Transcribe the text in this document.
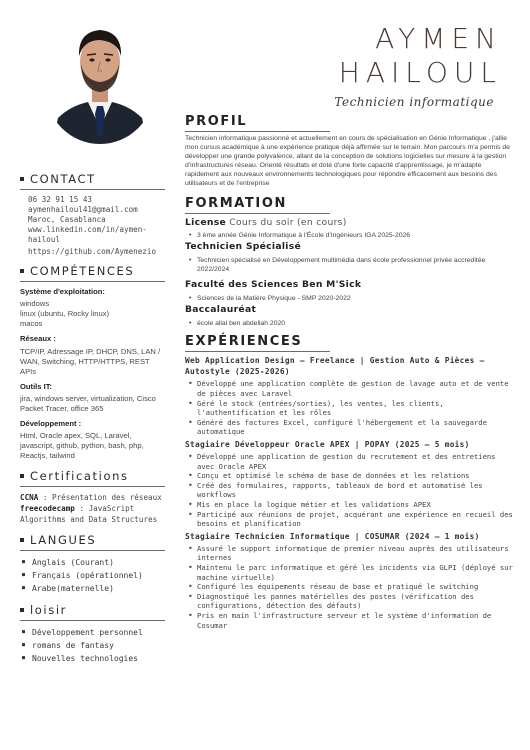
AYMEN
HAILOUL
Technicien informatique
CONTACT
06 32 91 15 43
aymenhailoul41@gmail.com
Maroc, Casablanca
www.linkedin.com/in/aymen-
hailoul
https://github.com/Aymenezio
COMPÉTENCES
Système d'exploitation:
windows
linux (ubuntu, Rocky linux)
macos
Réseaux :
TCP/IP, Adressage IP, DHCP, DNS, LAN / WAN, Switching, HTTP/HTTPS, REST APIs
Outils IT:
jira, windows server, virtualization, Cisco Packet Tracer, office 365
Développement :
Html, Oracle apex, SQL, Laravel, javascript, github, python, bash, php, Reactjs, tailwind
Certifications
CCNA : Présentation des réseaux
freecodecamp : JavaScript Algorithms and Data Structures
LANGUES
■ Anglais (Courant)
■ Français (opérationnel)
■ Arabe(maternelle)
loisir
■ Développement personnel
■ romans de fantasy
■ Nouvelles technologies
PROFIL
Technicien informatique passionné et actuellement en cours de spécialisation en Génie Informatique , j'allie mon cursus académique à une expérience pratique déjà affirmée sur le terrain. Mon parcours m'a permis de développer une grande polyvalence, allant de la conception de solutions logicielles sur mesure à la gestion d'infrastructures réseau. Orienté résultats et doté d'une forte capacité d'apprentissage, je m'adapte rapidement aux nouveaux environnements technologiques pour répondre efficacement aux besoins des utilisateurs et de l'entreprise
FORMATION
License Cours du soir (en cours)
• 3 ème année Génie Informatique à l'École d'Ingénieurs IGA 2025-2026
Technicien Spécialisé
• Technicien spécialisé en Développement multimédia dans école professionnel privée accreditée 2022/2024
Faculté des Sciences Ben M'Sick
• Sciences de la Matière Physique - SMP 2020-2022
Baccalauréat
• école allal ben abdellah 2020
EXPÉRIENCES
Web Application Design – Freelance | Gestion Auto & Pièces – Autostyle (2025-2026)
• Développé une application complète de gestion de lavage auto et de vente de pièces avec Laravel
• Géré le stock (entrées/sorties), les ventes, les clients, l'authentification et les rôles
• Généré des factures Excel, configuré l'hébergement et la sauvegarde automatique
Stagiaire Développeur Oracle APEX | POPAY (2025 – 5 mois)
• Développé une application de gestion du recrutement et des entretiens avec Oracle APEX
• Conçu et optimisé le schéma de base de données et les relations
• Créé des formulaires, rapports, tableaux de bord et automatisé les workflows
• Mis en place la logique métier et les validations APEX
• Participé aux réunions de projet, acquérant une expérience en recueil des besoins et planification
Stagiaire Technicien Informatique | COSUMAR (2024 – 1 mois)
• Assuré le support informatique de premier niveau auprès des utilisateurs internes
• Maintenu le parc informatique et géré les incidents via GLPI (déployé sur machine virtuelle)
• Configuré les équipements réseau de base et pratiqué le switching
• Diagnostiqué les pannes matérielles des postes (vérification des configurations, détection des défauts)
• Pris en main l'infrastructure serveur et le système d'information de Cosumar
